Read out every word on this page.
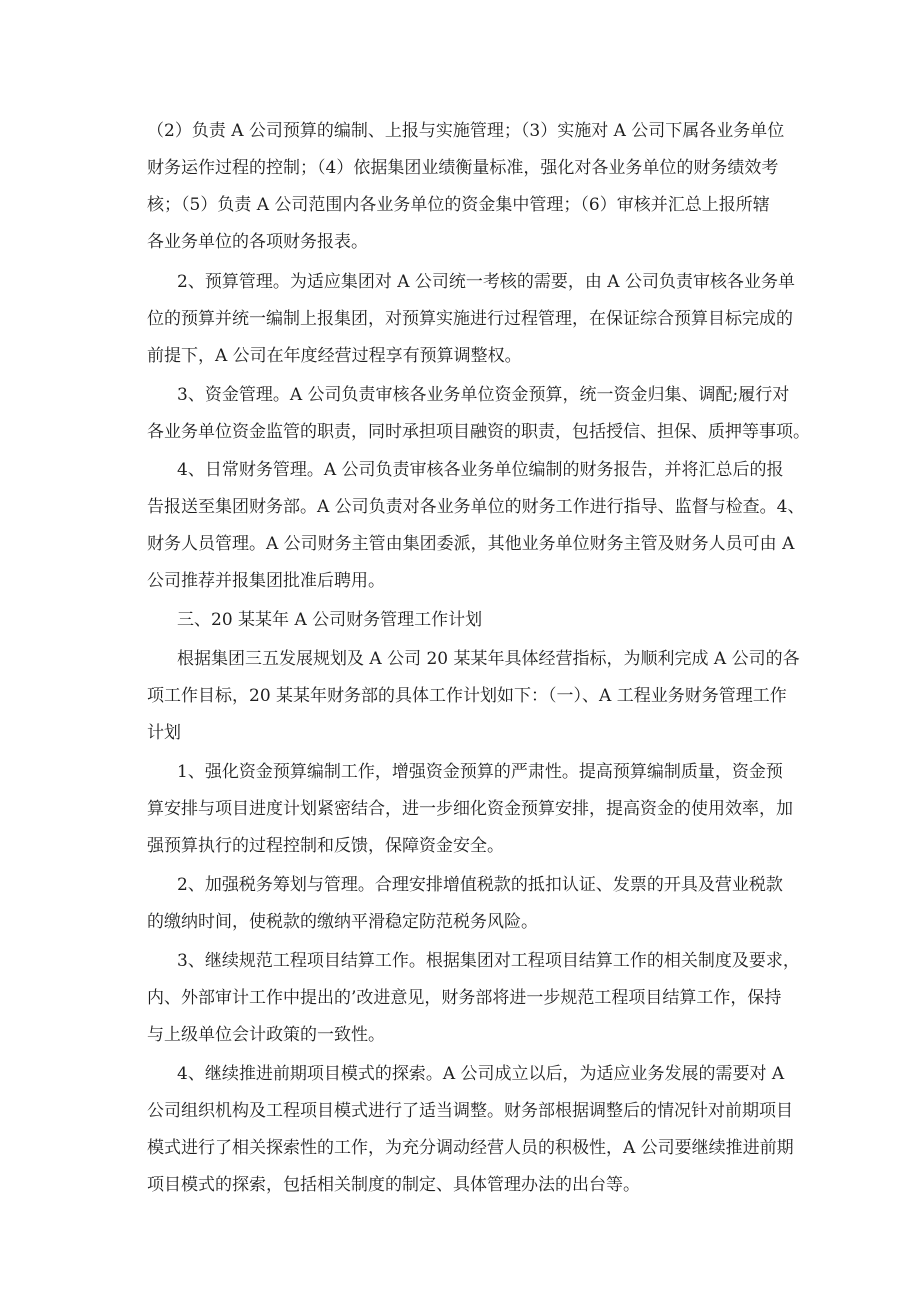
（2）负责 A 公司预算的编制、上报与实施管理；（3）实施对 A 公司下属各业务单位
财务运作过程的控制；（4）依据集团业绩衡量标准，强化对各业务单位的财务绩效考
核；（5）负责 A 公司范围内各业务单位的资金集中管理；（6）审核并汇总上报所辖
各业务单位的各项财务报表。
2、预算管理。为适应集团对 A 公司统一考核的需要，由 A 公司负责审核各业务单
位的预算并统一编制上报集团，对预算实施进行过程管理，在保证综合预算目标完成的
前提下，A 公司在年度经营过程享有预算调整权。
3、资金管理。A 公司负责审核各业务单位资金预算，统一资金归集、调配;履行对
各业务单位资金监管的职责，同时承担项目融资的职责，包括授信、担保、质押等事项。
4、日常财务管理。A 公司负责审核各业务单位编制的财务报告，并将汇总后的报
告报送至集团财务部。A 公司负责对各业务单位的财务工作进行指导、监督与检查。4、
财务人员管理。A 公司财务主管由集团委派，其他业务单位财务主管及财务人员可由 A
公司推荐并报集团批准后聘用。
三、20 某某年 A 公司财务管理工作计划
根据集团三五发展规划及 A 公司 20 某某年具体经营指标，为顺利完成 A 公司的各
项工作目标，20 某某年财务部的具体工作计划如下：（一）、A 工程业务财务管理工作
计划
1、强化资金预算编制工作，增强资金预算的严肃性。提高预算编制质量，资金预
算安排与项目进度计划紧密结合，进一步细化资金预算安排，提高资金的使用效率，加
强预算执行的过程控制和反馈，保障资金安全。
2、加强税务筹划与管理。合理安排增值税款的抵扣认证、发票的开具及营业税款
的缴纳时间，使税款的缴纳平滑稳定防范税务风险。
3、继续规范工程项目结算工作。根据集团对工程项目结算工作的相关制度及要求，
内、外部审计工作中提出的’改进意见，财务部将进一步规范工程项目结算工作，保持
与上级单位会计政策的一致性。
4、继续推进前期项目模式的探索。A 公司成立以后，为适应业务发展的需要对 A
公司组织机构及工程项目模式进行了适当调整。财务部根据调整后的情况针对前期项目
模式进行了相关探索性的工作，为充分调动经营人员的积极性，A 公司要继续推进前期
项目模式的探索，包括相关制度的制定、具体管理办法的出台等。
